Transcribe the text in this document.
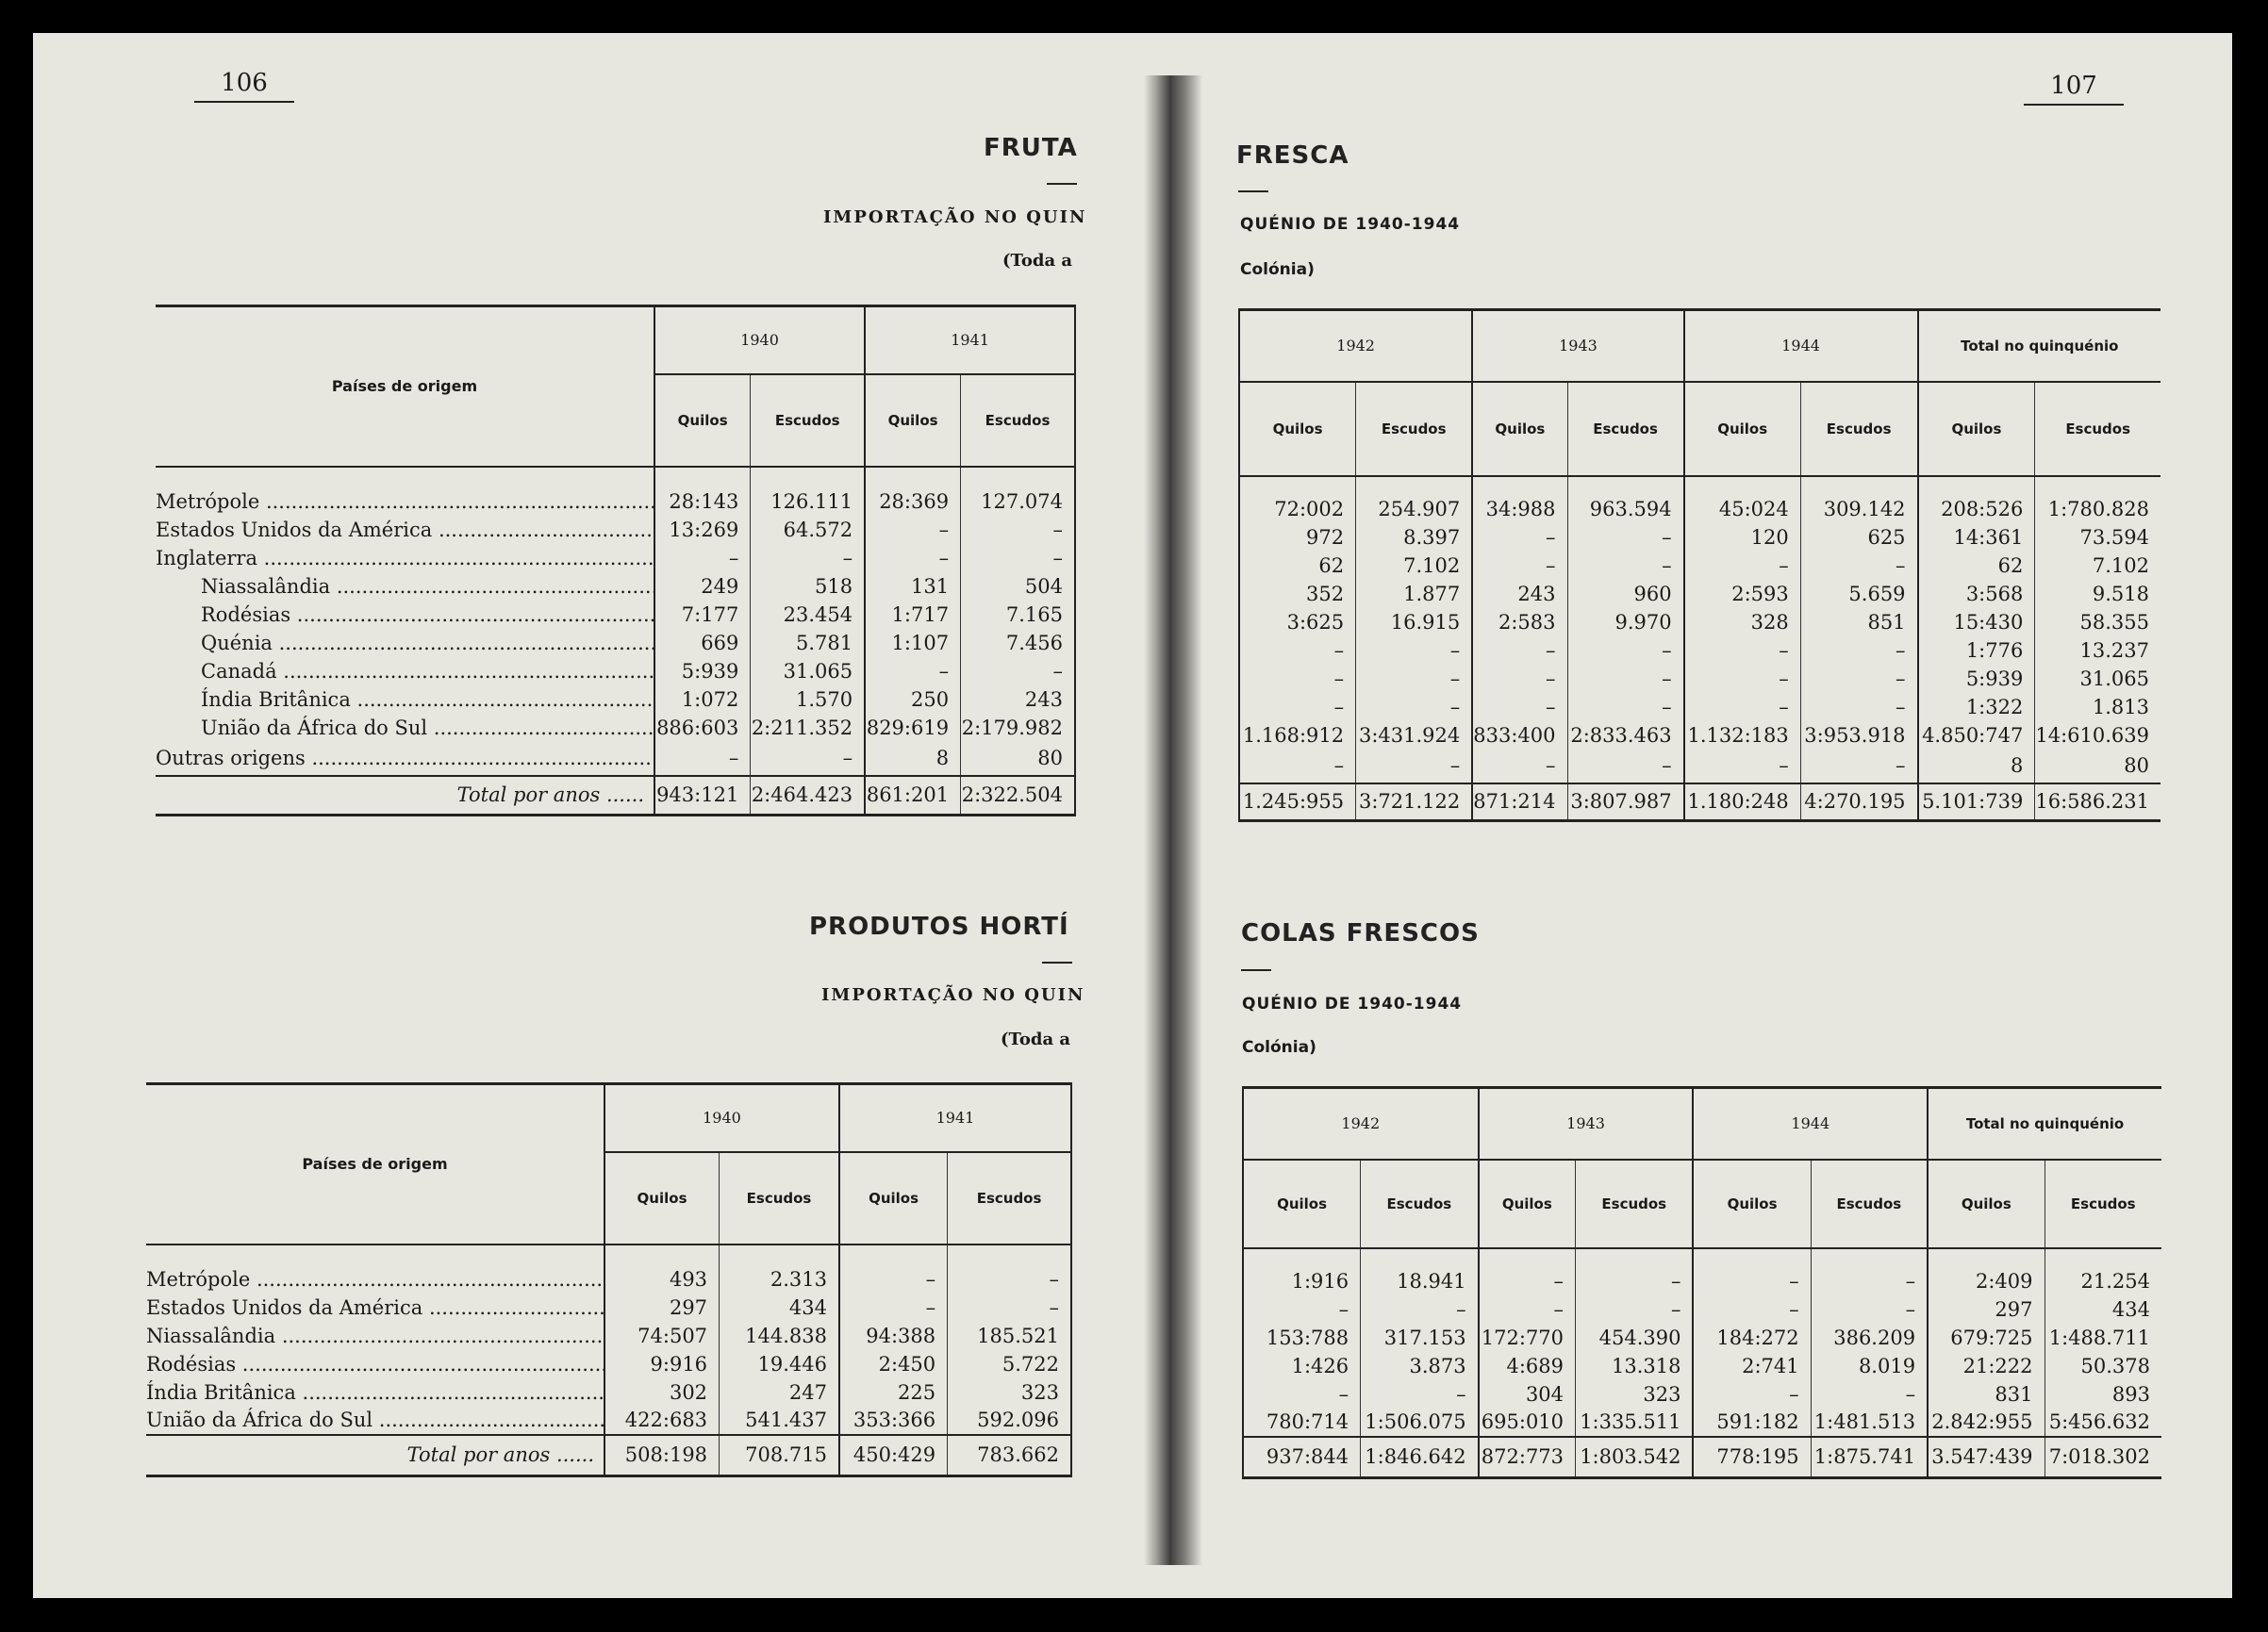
106
FRUTA
IMPORTAÇÃO NO QUIN
(Toda a
Países de origem	1940		1941	
	Quilos	Escudos	Quilos	Escudos

Metrópole .....	28:143	126.111	28:369	127.074
Estados Unidos da América .....	13:269	64.572	–	–
Inglaterra .....	–	–	–	–
Niassalândia .....	249	518	131	504
Rodésias .....	7:177	23.454	1:717	7.165
Quénia .....	669	5.781	1:107	7.456
Canadá .....	5:939	31.065	–	–
Índia Britânica .....	1:072	1.570	250	243
União da África do Sul .....	886:603	2:211.352	829:619	2:179.982
Outras origens .....	–	–	8	80
Total por anos ......	943:121	2:464.423	861:201	2:322.504
PRODUTOS HORTÍ
IMPORTAÇÃO NO QUIN
(Toda a
Países de origem	1940		1941	
	Quilos	Escudos	Quilos	Escudos

Metrópole .....	493	2.313	–	–
Estados Unidos da América .....	297	434	–	–
Niassalândia .....	74:507	144.838	94:388	185.521
Rodésias .....	9:916	19.446	2:450	5.722
Índia Britânica .....	302	247	225	323
União da África do Sul .....	422:683	541.437	353:366	592.096
Total por anos ......	508:198	708.715	450:429	783.662
107
FRESCA
QUÉNIO DE 1940-1944
Colónia)
1942		1943		1944		Total no quinquénio	
Quilos	Escudos	Quilos	Escudos	Quilos	Escudos	Quilos	Escudos

72:002	254.907	34:988	963.594	45:024	309.142	208:526	1:780.828
972	8.397	–	–	120	625	14:361	73.594
62	7.102	–	–	–	–	62	7.102
352	1.877	243	960	2:593	5.659	3:568	9.518
3:625	16.915	2:583	9.970	328	851	15:430	58.355
–	–	–	–	–	–	1:776	13.237
–	–	–	–	–	–	5:939	31.065
–	–	–	–	–	–	1:322	1.813
1.168:912	3:431.924	833:400	2:833.463	1.132:183	3:953.918	4.850:747	14:610.639
–	–	–	–	–	–	8	80
1.245:955	3:721.122	871:214	3:807.987	1.180:248	4:270.195	5.101:739	16:586.231
COLAS FRESCOS
QUÉNIO DE 1940-1944
Colónia)
1942		1943		1944		Total no quinquénio	
Quilos	Escudos	Quilos	Escudos	Quilos	Escudos	Quilos	Escudos

1:916	18.941	–	–	–	–	2:409	21.254
–	–	–	–	–	–	297	434
153:788	317.153	172:770	454.390	184:272	386.209	679:725	1:488.711
1:426	3.873	4:689	13.318	2:741	8.019	21:222	50.378
–	–	304	323	–	–	831	893
780:714	1:506.075	695:010	1:335.511	591:182	1:481.513	2.842:955	5:456.632
937:844	1:846.642	872:773	1:803.542	778:195	1:875.741	3.547:439	7:018.302
